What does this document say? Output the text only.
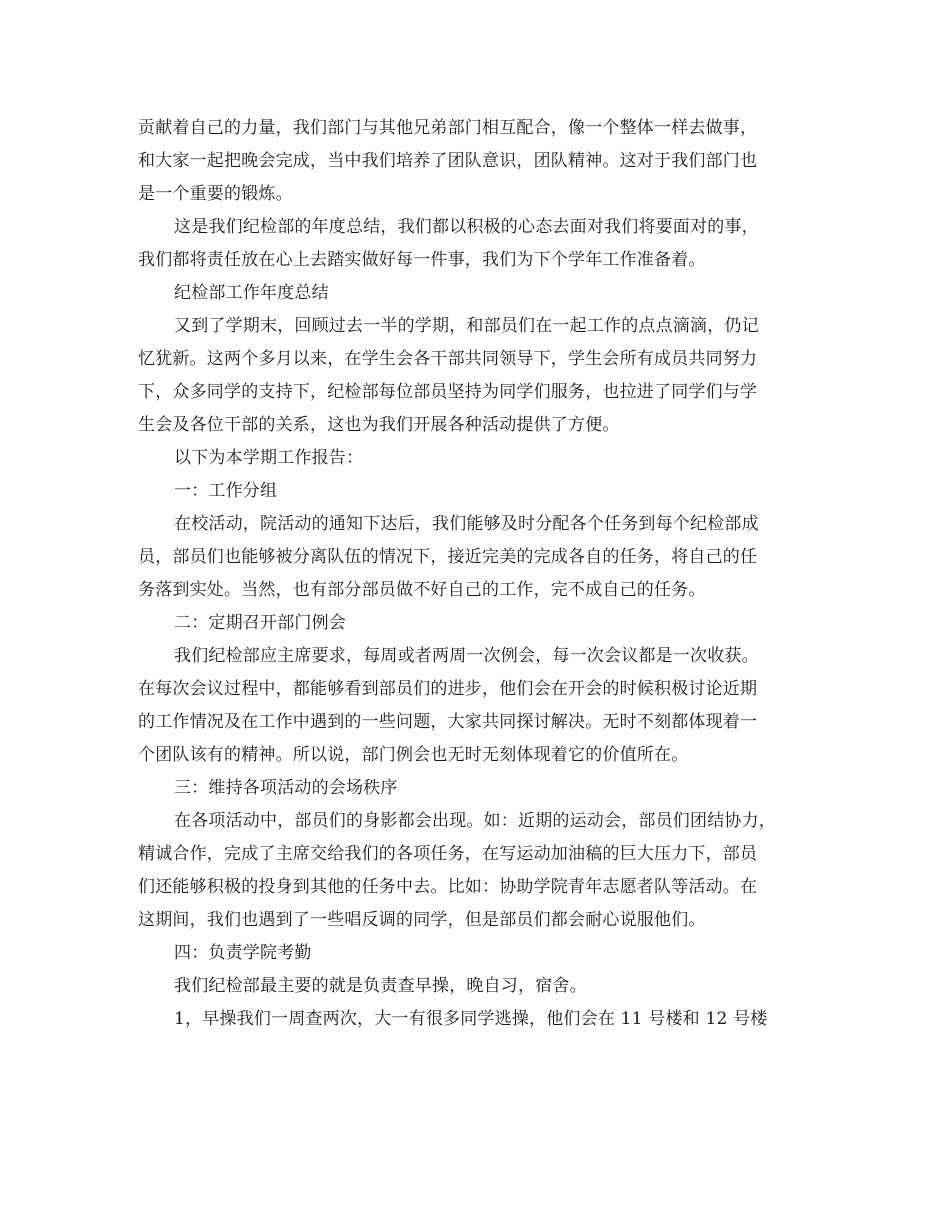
贡献着自己的力量，我们部门与其他兄弟部门相互配合，像一个整体一样去做事，
和大家一起把晚会完成，当中我们培养了团队意识，团队精神。这对于我们部门也
是一个重要的锻炼。
这是我们纪检部的年度总结，我们都以积极的心态去面对我们将要面对的事，
我们都将责任放在心上去踏实做好每一件事，我们为下个学年工作准备着。
纪检部工作年度总结
又到了学期末，回顾过去一半的学期，和部员们在一起工作的点点滴滴，仍记
忆犹新。这两个多月以来，在学生会各干部共同领导下，学生会所有成员共同努力
下，众多同学的支持下，纪检部每位部员坚持为同学们服务，也拉进了同学们与学
生会及各位干部的关系，这也为我们开展各种活动提供了方便。
以下为本学期工作报告：
一：工作分组
在校活动，院活动的通知下达后，我们能够及时分配各个任务到每个纪检部成
员，部员们也能够被分离队伍的情况下，接近完美的完成各自的任务，将自己的任
务落到实处。当然，也有部分部员做不好自己的工作，完不成自己的任务。
二：定期召开部门例会
我们纪检部应主席要求，每周或者两周一次例会，每一次会议都是一次收获。
在每次会议过程中，都能够看到部员们的进步，他们会在开会的时候积极讨论近期
的工作情况及在工作中遇到的一些问题，大家共同探讨解决。无时不刻都体现着一
个团队该有的精神。所以说，部门例会也无时无刻体现着它的价值所在。
三：维持各项活动的会场秩序
在各项活动中，部员们的身影都会出现。如：近期的运动会，部员们团结协力，
精诚合作，完成了主席交给我们的各项任务，在写运动加油稿的巨大压力下，部员
们还能够积极的投身到其他的任务中去。比如：协助学院青年志愿者队等活动。在
这期间，我们也遇到了一些唱反调的同学，但是部员们都会耐心说服他们。
四：负责学院考勤
我们纪检部最主要的就是负责查早操，晚自习，宿舍。
1，早操我们一周查两次，大一有很多同学逃操，他们会在 11 号楼和 12 号楼
